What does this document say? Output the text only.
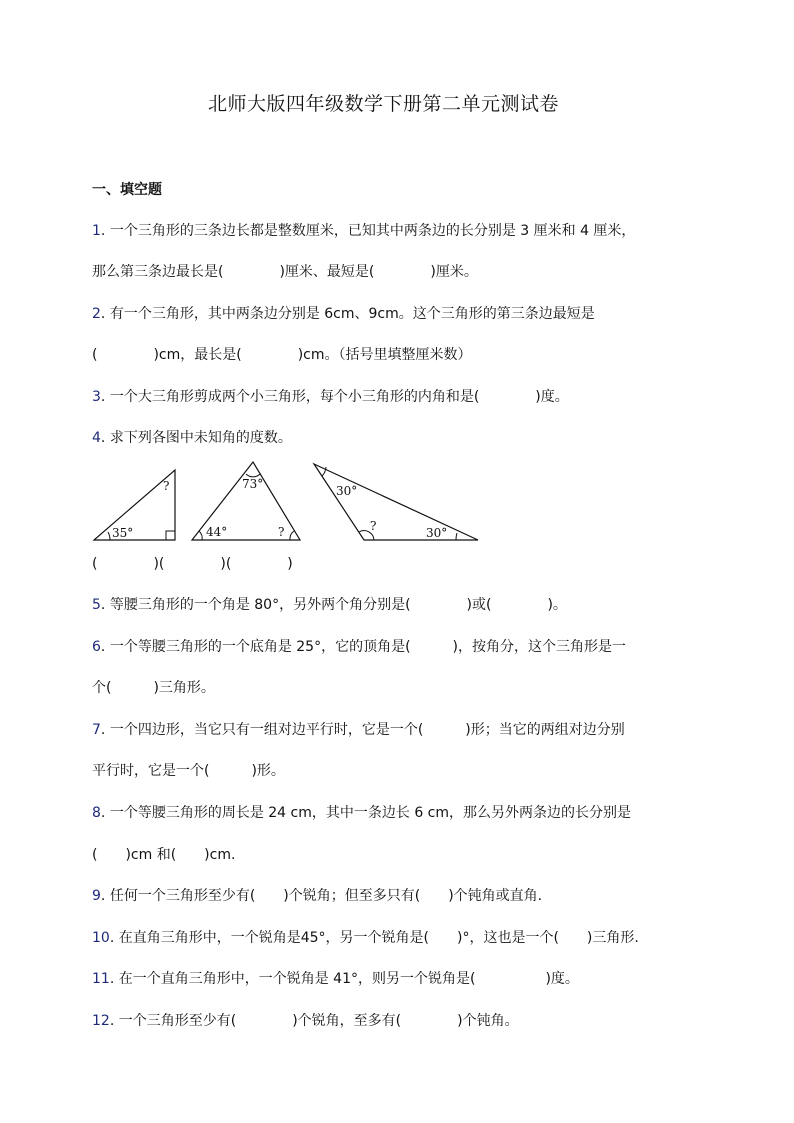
北师大版四年级数学下册第二单元测试卷
一、填空题
1. 一个三角形的三条边长都是整数厘米，已知其中两条边的长分别是 3 厘米和 4 厘米，
那么第三条边最长是(　　　　)厘米、最短是(　　　　)厘米。
2. 有一个三角形，其中两条边分别是 6cm、9cm。这个三角形的第三条边最短是
(　　　　)cm，最长是(　　　　)cm。（括号里填整厘米数）
3. 一个大三角形剪成两个小三角形，每个小三角形的内角和是(　　　　)度。
4. 求下列各图中未知角的度数。
35°
?	73°
44°	?
30°
?	30°
(　　　　)(　　　　)(　　　　)
5. 等腰三角形的一个角是 80°，另外两个角分别是(　　　　)或(　　　　)。
6. 一个等腰三角形的一个底角是 25°，它的顶角是(　　　)，按角分，这个三角形是一
个(　　　)三角形。
7. 一个四边形，当它只有一组对边平行时，它是一个(　　　)形；当它的两组对边分别
平行时，它是一个(　　　)形。
8. 一个等腰三角形的周长是 24 cm，其中一条边长 6 cm，那么另外两条边的长分别是
(　　)cm 和(　　)cm.
9. 任何一个三角形至少有(　　)个锐角；但至多只有(　　)个钝角或直角.
10. 在直角三角形中，一个锐角是45°，另一个锐角是(　　)°，这也是一个(　　)三角形.
11. 在一个直角三角形中，一个锐角是 41°，则另一个锐角是(　　　　　)度。
12. 一个三角形至少有(　　　　)个锐角，至多有(　　　　)个钝角。
